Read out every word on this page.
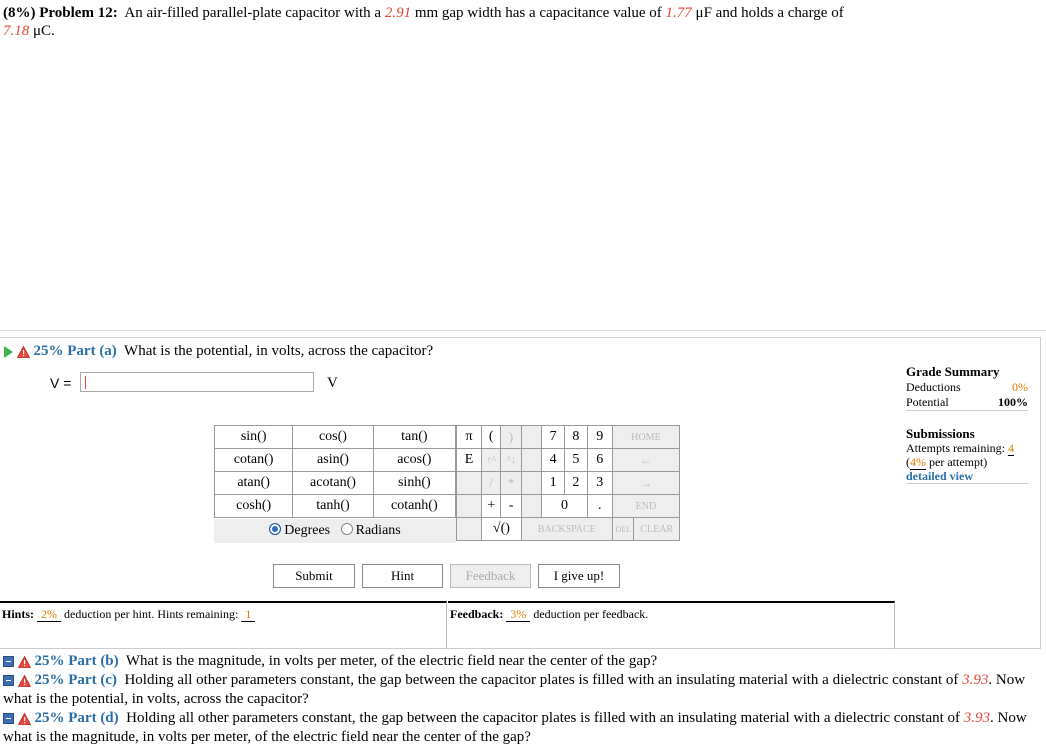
(8%) Problem 12: An air-filled parallel-plate capacitor with a 2.91 mm gap width has a capacitance value of 1.77 μF and holds a charge of
7.18 μC.
25% Part (a) What is the potential, in volts, across the capacitor?
V =	V
sin()	cos()	tan()
cotan()	asin()	acos()
atan()	acotan()	sinh()
cosh()	tanh()	cotanh()
Degrees Radians

π	(	)		7	8	9	HOME	
E	↑^	^↓		4	5	6	←	
	/	*		1	2	3	→	
	+	-		0		.	END	
	√()		BACKSPACE				DEL	CLEAR
Submit	Hint	Feedback	I give up!
Hints: 2% deduction per hint. Hints remaining: 1	Feedback: 3% deduction per feedback.
Grade Summary
Deductions	0%
Potential	100%
Submissions
Attempts remaining: 4
(4% per attempt)
detailed view
25% Part (b) What is the magnitude, in volts per meter, of the electric field near the center of the gap?
25% Part (c) Holding all other parameters constant, the gap between the capacitor plates is filled with an insulating material with a dielectric constant of 3.93. Now what is the potential, in volts, across the capacitor?
25% Part (d) Holding all other parameters constant, the gap between the capacitor plates is filled with an insulating material with a dielectric constant of 3.93. Now what is the magnitude, in volts per meter, of the electric field near the center of the gap?
